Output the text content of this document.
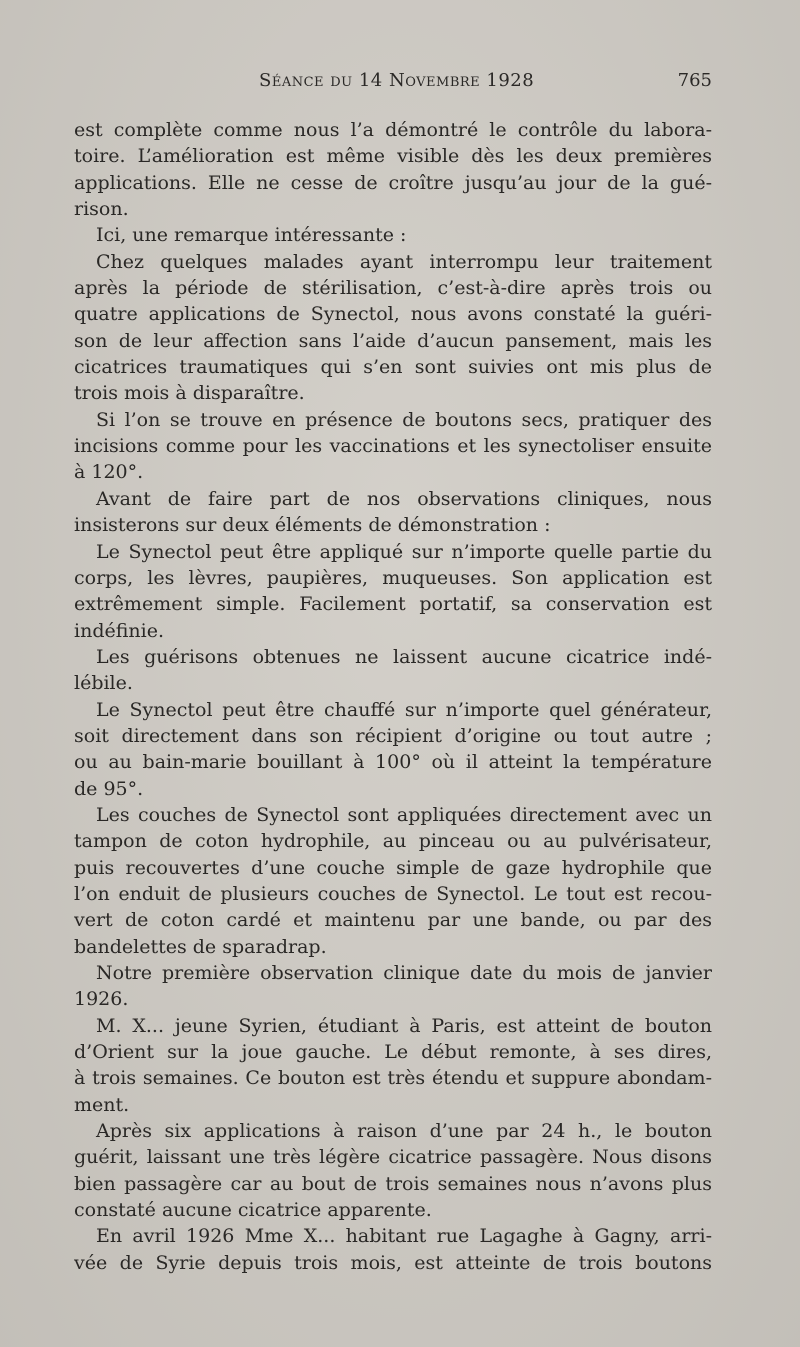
Séance du 14 Novembre 1928	765
est complète comme nous l’a démontré le contrôle du labora-
toire. L’amélioration est même visible dès les deux premières
applications. Elle ne cesse de croître jusqu’au jour de la gué-
rison.
Ici, une remarque intéressante :
Chez quelques malades ayant interrompu leur traitement
après la période de stérilisation, c’est-à-dire après trois ou
quatre applications de Synectol, nous avons constaté la guéri-
son de leur affection sans l’aide d’aucun pansement, mais les
cicatrices traumatiques qui s’en sont suivies ont mis plus de
trois mois à disparaître.
Si l’on se trouve en présence de boutons secs, pratiquer des
incisions comme pour les vaccinations et les synectoliser ensuite
à 120°.
Avant de faire part de nos observations cliniques, nous
insisterons sur deux éléments de démonstration :
Le Synectol peut être appliqué sur n’importe quelle partie du
corps, les lèvres, paupières, muqueuses. Son application est
extrêmement simple. Facilement portatif, sa conservation est
indéfinie.
Les guérisons obtenues ne laissent aucune cicatrice indé-
lébile.
Le Synectol peut être chauffé sur n’importe quel générateur,
soit directement dans son récipient d’origine ou tout autre ;
ou au bain-marie bouillant à 100° où il atteint la température
de 95°.
Les couches de Synectol sont appliquées directement avec un
tampon de coton hydrophile, au pinceau ou au pulvérisateur,
puis recouvertes d’une couche simple de gaze hydrophile que
l’on enduit de plusieurs couches de Synectol. Le tout est recou-
vert de coton cardé et maintenu par une bande, ou par des
bandelettes de sparadrap.
Notre première observation clinique date du mois de janvier
1926.
M. X... jeune Syrien, étudiant à Paris, est atteint de bouton
d’Orient sur la joue gauche. Le début remonte, à ses dires,
à trois semaines. Ce bouton est très étendu et suppure abondam-
ment.
Après six applications à raison d’une par 24 h., le bouton
guérit, laissant une très légère cicatrice passagère. Nous disons
bien passagère car au bout de trois semaines nous n’avons plus
constaté aucune cicatrice apparente.
En avril 1926 Mme X... habitant rue Lagaghe à Gagny, arri-
vée de Syrie depuis trois mois, est atteinte de trois boutons
